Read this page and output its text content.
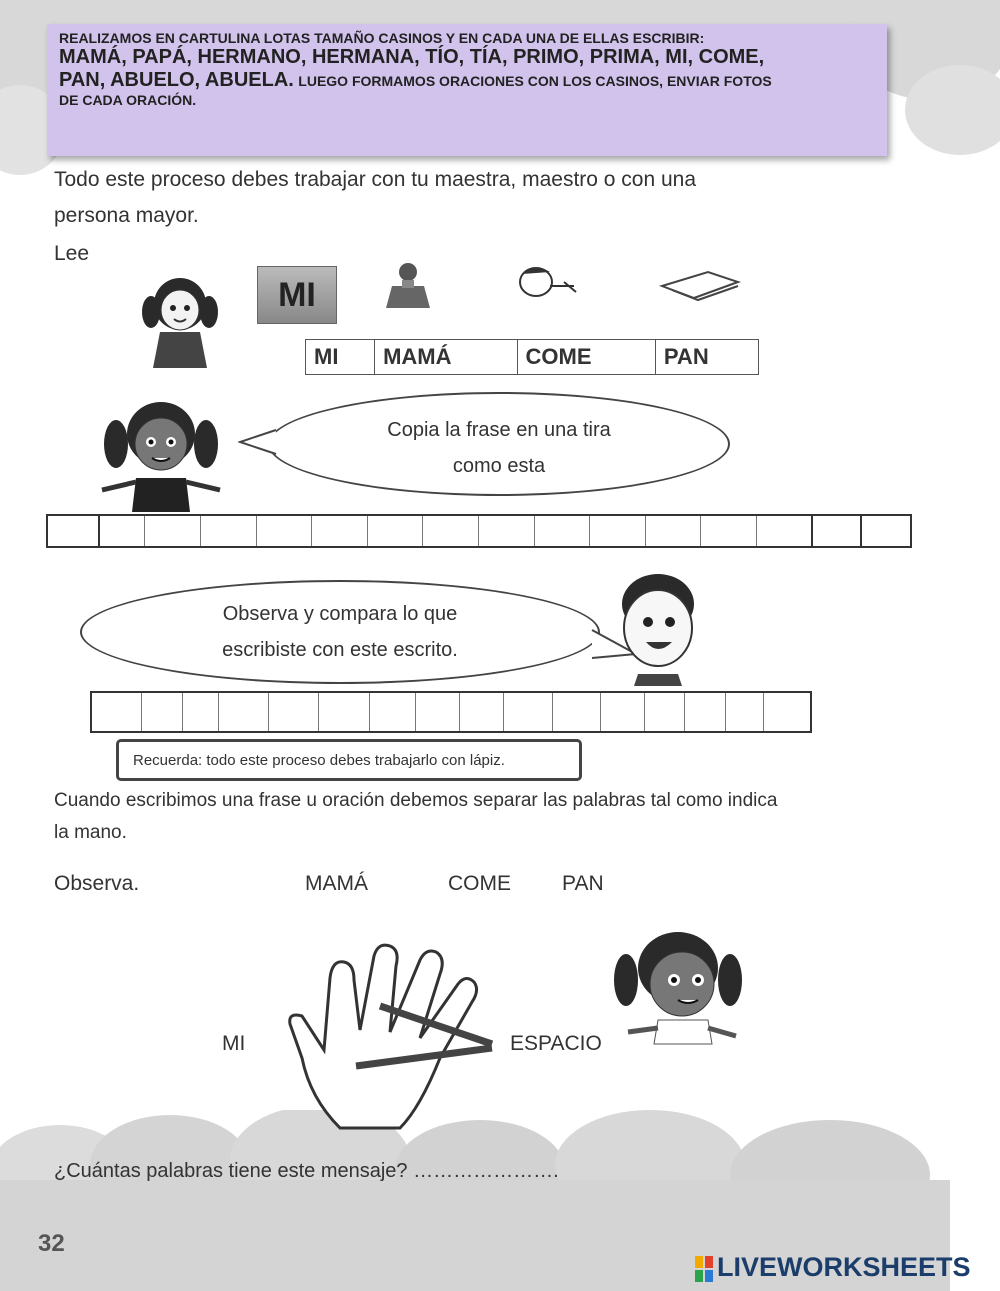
REALIZAMOS EN CARTULINA LOTAS TAMAÑO CASINOS Y EN CADA UNA DE ELLAS ESCRIBIR:
MAMÁ, PAPÁ, HERMANO, HERMANA, TÍO, TÍA, PRIMO, PRIMA, MI, COME,
PAN, ABUELO, ABUELA. LUEGO FORMAMOS ORACIONES CON LOS CASINOS, ENVIAR FOTOS
DE CADA ORACIÓN.
Todo este proceso debes trabajar con tu maestra, maestro o con una
persona mayor.
Lee
MI
MI	MAMÁ	COME	PAN
Copia la frase en una tira
como esta
Observa y compara lo que
escribiste con este escrito.
Recuerda: todo este proceso debes trabajarlo con lápiz.
Cuando escribimos una frase u oración debemos separar las palabras tal como indica
la mano.
Observa.	MAMÁ	COME PAN
MI	ESPACIO
¿Cuántas palabras tiene este mensaje? ………………….
32
LIVEWORKSHEETS
